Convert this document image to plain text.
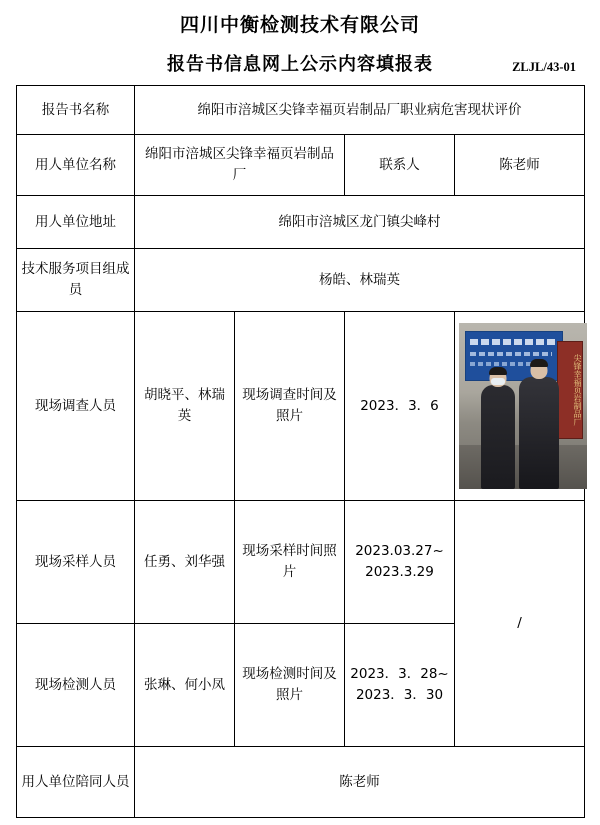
四川中衡检测技术有限公司
报告书信息网上公示内容填报表	ZLJL/43-01
报告书名称	绵阳市涪城区尖锋幸福页岩制品厂职业病危害现状评价			
用人单位名称	绵阳市涪城区尖锋幸福页岩制品厂		联系人	陈老师
用人单位地址	绵阳市涪城区龙门镇尖峰村			
技术服务项目组成员	杨皓、林瑞英			
现场调查人员	胡晓平、林瑞英	现场调查时间及照片	2023．3．6	尖锋幸福页岩制品厂

现场采样人员	任勇、刘华强	现场采样时间照片	2023.03.27~ 2023.3.29	/
现场检测人员	张琳、何小凤	现场检测时间及照片	2023．3．28~ 2023．3．30	
用人单位陪同人员	陈老师			
